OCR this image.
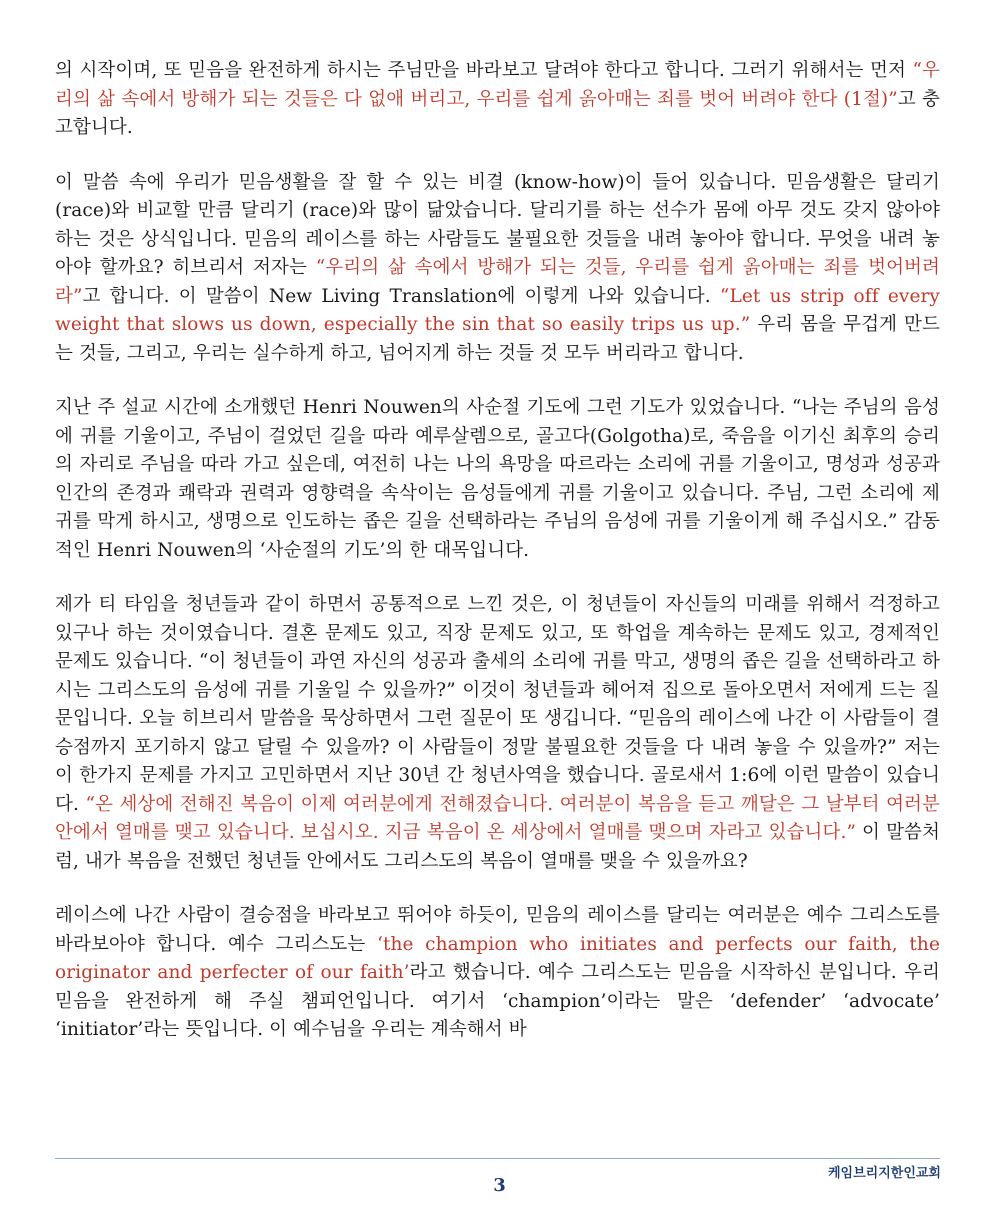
의 시작이며, 또 믿음을 완전하게 하시는 주님만을 바라보고 달려야 한다고 합니다. 그러기 위해서는 먼저 “우리의 삶 속에서 방해가 되는 것들은 다 없애 버리고, 우리를 쉽게 옭아매는 죄를 벗어 버려야 한다 (1절)”고 충고합니다.

이 말씀 속에 우리가 믿음생활을 잘 할 수 있는 비결 (know-how)이 들어 있습니다. 믿음생활은 달리기 (race)와 비교할 만큼 달리기 (race)와 많이 닮았습니다. 달리기를 하는 선수가 몸에 아무 것도 갖지 않아야 하는 것은 상식입니다. 믿음의 레이스를 하는 사람들도 불필요한 것들을 내려 놓아야 합니다. 무엇을 내려 놓아야 할까요? 히브리서 저자는 “우리의 삶 속에서 방해가 되는 것들, 우리를 쉽게 옭아매는 죄를 벗어버려라”고 합니다. 이 말씀이 New Living Translation에 이렇게 나와 있습니다. “Let us strip off every weight that slows us down, especially the sin that so easily trips us up.” 우리 몸을 무겁게 만드는 것들, 그리고, 우리는 실수하게 하고, 넘어지게 하는 것들 것 모두 버리라고 합니다.

지난 주 설교 시간에 소개했던 Henri Nouwen의 사순절 기도에 그런 기도가 있었습니다. “나는 주님의 음성에 귀를 기울이고, 주님이 걸었던 길을 따라 예루살렘으로, 골고다(Golgotha)로, 죽음을 이기신 최후의 승리의 자리로 주님을 따라 가고 싶은데, 여전히 나는 나의 욕망을 따르라는 소리에 귀를 기울이고, 명성과 성공과 인간의 존경과 쾌락과 권력과 영향력을 속삭이는 음성들에게 귀를 기울이고 있습니다. 주님, 그런 소리에 제 귀를 막게 하시고, 생명으로 인도하는 좁은 길을 선택하라는 주님의 음성에 귀를 기울이게 해 주십시오.” 감동적인 Henri Nouwen의 ‘사순절의 기도’의 한 대목입니다.

제가 티 타임을 청년들과 같이 하면서 공통적으로 느낀 것은, 이 청년들이 자신들의 미래를 위해서 걱정하고 있구나 하는 것이였습니다. 결혼 문제도 있고, 직장 문제도 있고, 또 학업을 계속하는 문제도 있고, 경제적인 문제도 있습니다. “이 청년들이 과연 자신의 성공과 출세의 소리에 귀를 막고, 생명의 좁은 길을 선택하라고 하시는 그리스도의 음성에 귀를 기울일 수 있을까?” 이것이 청년들과 헤어져 집으로 돌아오면서 저에게 드는 질문입니다. 오늘 히브리서 말씀을 묵상하면서 그런 질문이 또 생깁니다. “믿음의 레이스에 나간 이 사람들이 결승점까지 포기하지 않고 달릴 수 있을까? 이 사람들이 정말 불필요한 것들을 다 내려 놓을 수 있을까?” 저는 이 한가지 문제를 가지고 고민하면서 지난 30년 간 청년사역을 했습니다. 골로새서 1:6에 이런 말씀이 있습니다. “온 세상에 전해진 복음이 이제 여러분에게 전해졌습니다. 여러분이 복음을 듣고 깨달은 그 날부터 여러분 안에서 열매를 맺고 있습니다. 보십시오. 지금 복음이 온 세상에서 열매를 맺으며 자라고 있습니다.” 이 말씀처럼, 내가 복음을 전했던 청년들 안에서도 그리스도의 복음이 열매를 맺을 수 있을까요?

레이스에 나간 사람이 결승점을 바라보고 뛰어야 하듯이, 믿음의 레이스를 달리는 여러분은 예수 그리스도를 바라보아야 합니다. 예수 그리스도는 ‘the champion who initiates and perfects our faith, the originator and perfecter of our faith’라고 했습니다. 예수 그리스도는 믿음을 시작하신 분입니다. 우리 믿음을 완전하게 해 주실 챔피언입니다. 여기서 ‘champion’이라는 말은 ‘defender’ ‘advocate’ ‘initiator’라는 뜻입니다. 이 예수님을 우리는 계속해서 바

케임브리지한인교회
3
